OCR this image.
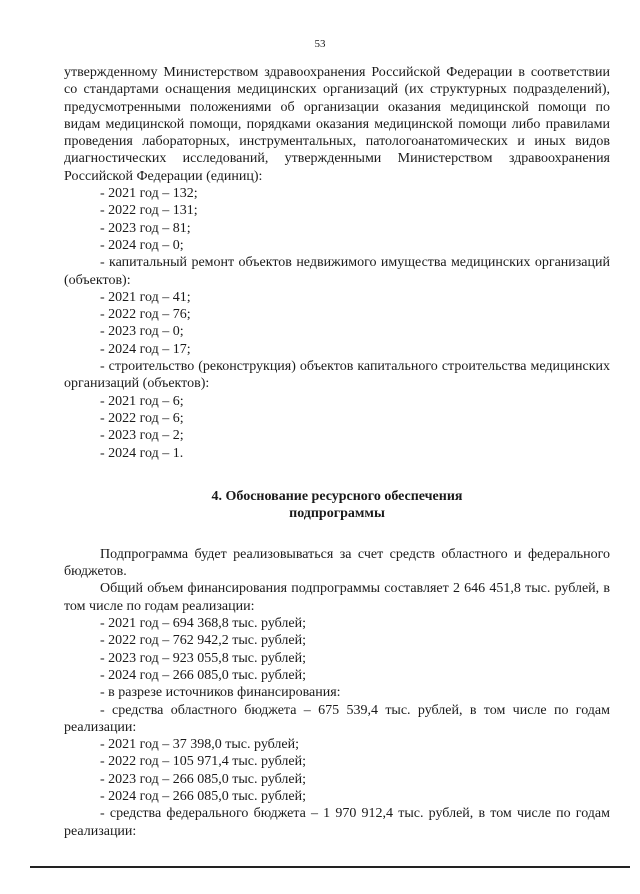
53

утвержденному Министерством здравоохранения Российской Федерации в соответствии со стандартами оснащения медицинских организаций (их структурных подразделений), предусмотренными положениями об организации оказания медицинской помощи по видам медицинской помощи, порядками оказания медицинской помощи либо правилами проведения лабораторных, инструментальных, патологоанатомических и иных видов диагностических исследований, утвержденными Министерством здравоохранения Российской Федерации (единиц):

- 2021 год – 132;

- 2022 год – 131;

- 2023 год – 81;

- 2024 год – 0;

- капитальный ремонт объектов недвижимого имущества медицинских организаций (объектов):

- 2021 год – 41;

- 2022 год – 76;

- 2023 год – 0;

- 2024 год – 17;

- строительство (реконструкция) объектов капитального строительства медицинских организаций (объектов):

- 2021 год – 6;

- 2022 год – 6;

- 2023 год – 2;

- 2024 год – 1.

4. Обоснование ресурсного обеспечения
подпрограммы

Подпрограмма будет реализовываться за счет средств областного и федерального бюджетов.

Общий объем финансирования подпрограммы составляет 2 646 451,8 тыс. рублей, в том числе по годам реализации:

- 2021 год – 694 368,8 тыс. рублей;

- 2022 год – 762 942,2 тыс. рублей;

- 2023 год – 923 055,8 тыс. рублей;

- 2024 год – 266 085,0 тыс. рублей;

- в разрезе источников финансирования:

- средства областного бюджета – 675 539,4 тыс. рублей, в том числе по годам реализации:

- 2021 год – 37 398,0 тыс. рублей;

- 2022 год – 105 971,4 тыс. рублей;

- 2023 год – 266 085,0 тыс. рублей;

- 2024 год – 266 085,0 тыс. рублей;

- средства федерального бюджета – 1 970 912,4 тыс. рублей, в том числе по годам реализации:
